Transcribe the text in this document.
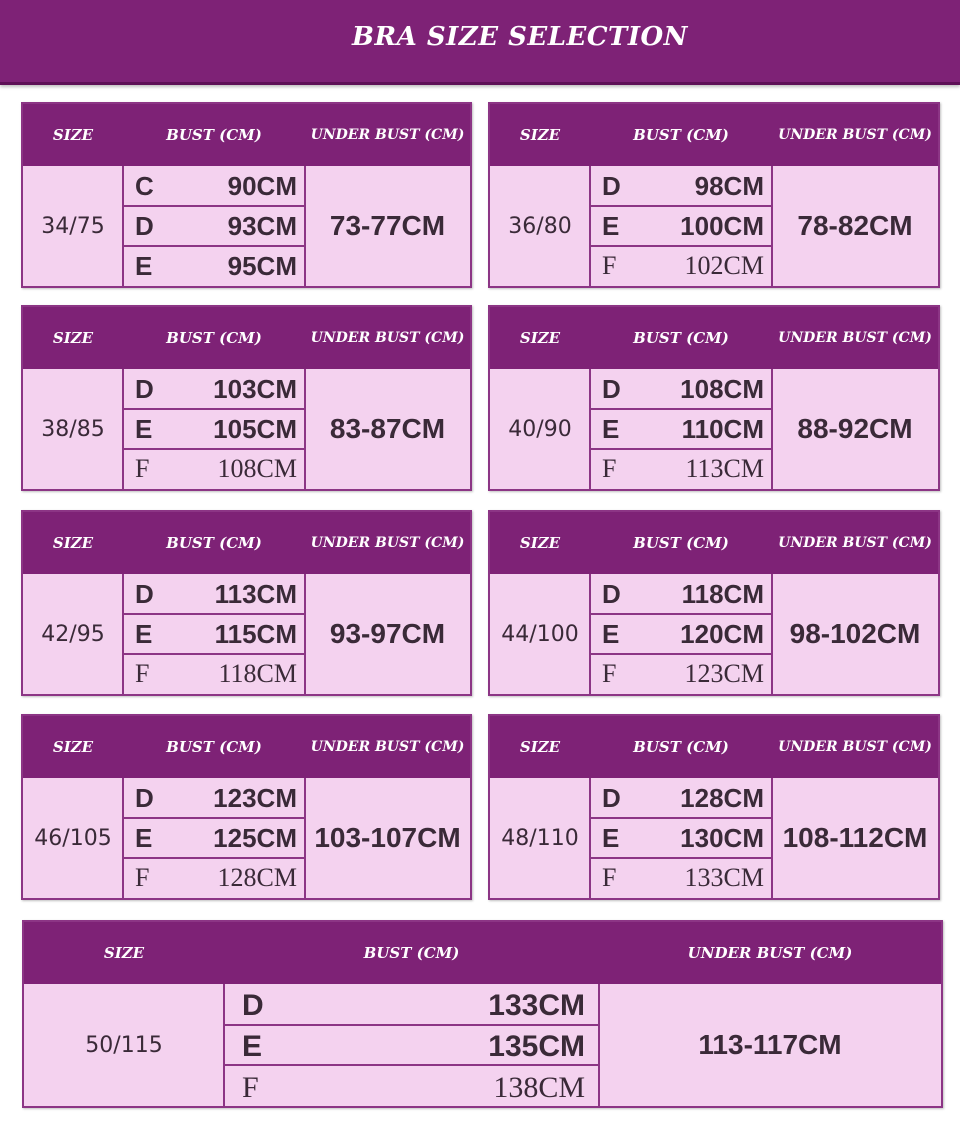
BRA SIZE SELECTION
SIZE	BUST (CM)	UNDER BUST (CM)
34/75
C	90CM
D	93CM
E	95CM
73-77CM
SIZE	BUST (CM)	UNDER BUST (CM)
36/80
D	98CM
E 100CM
F	102CM
78-82CM
SIZE	BUST (CM)	UNDER BUST (CM)
38/85
D 103CM
E 105CM
F	108CM
83-87CM
SIZE	BUST (CM)	UNDER BUST (CM)
40/90
D 108CM
E 110CM
F	113CM
88-92CM
SIZE	BUST (CM)	UNDER BUST (CM)
42/95
D 113CM
E 115CM
F	118CM
93-97CM
SIZE	BUST (CM)	UNDER BUST (CM)
44/100
D 118CM
E 120CM
F	123CM
98-102CM
SIZE	BUST (CM)	UNDER BUST (CM)
46/105
D 123CM
E 125CM
F	128CM
103-107CM
SIZE	BUST (CM)	UNDER BUST (CM)
48/110
D 128CM
E 130CM
F	133CM
108-112CM
SIZE	BUST (CM)	UNDER BUST (CM)
50/115
D	133CM
E	135CM
F	138CM
113-117CM
